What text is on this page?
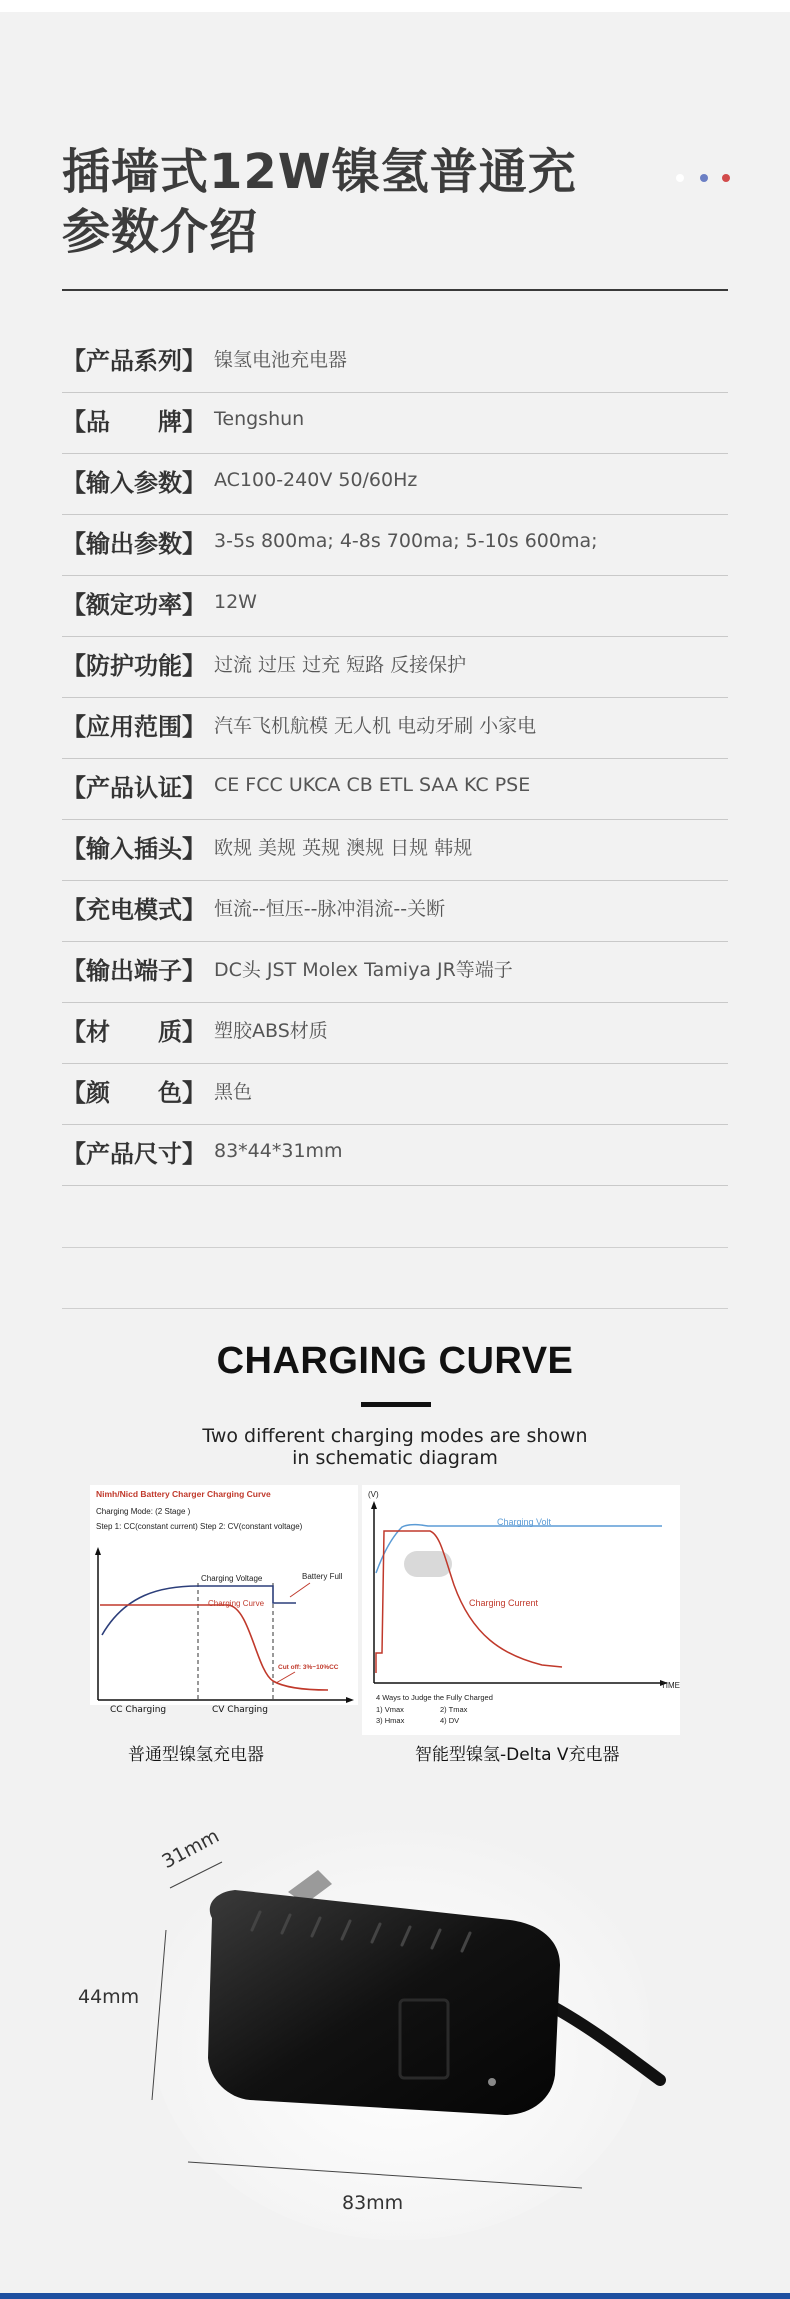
插墙式12W镍氢普通充
参数介绍
【产品系列】 镍氢电池充电器
【品　　牌】 Tengshun
【输入参数】 AC100-240V 50/60Hz
【输出参数】 3-5s 800ma; 4-8s 700ma; 5-10s 600ma;
【额定功率】 12W
【防护功能】 过流 过压 过充 短路 反接保护
【应用范围】 汽车飞机航模 无人机 电动牙刷 小家电
【产品认证】 CE FCC UKCA CB ETL SAA KC PSE
【输入插头】 欧规 美规 英规 澳规 日规 韩规
【充电模式】 恒流--恒压--脉冲涓流--关断
【输出端子】 DC头 JST Molex Tamiya JR等端子
【材　　质】 塑胶ABS材质
【颜　　色】 黑色
【产品尺寸】 83*44*31mm
CHARGING CURVE
Two different charging modes are shown
in schematic diagram
Nimh/Nicd Battery Charger Charging Curve
Charging Mode: (2 Stage )
Step 1: CC(constant current) Step 2: CV(constant voltage)
Charging Voltage
Charging Curve
Battery Full
Cut off: 3%~10%CC
CC Charging	CV Charging
普通型镍氢充电器
(V)
TIME
Charging Volt
Charging Current
4 Ways to Judge the Fully Charged
1) Vmax	2) Tmax
3) Hmax	4) DV
智能型镍氢-Delta V充电器
31mm
44mm
83mm
